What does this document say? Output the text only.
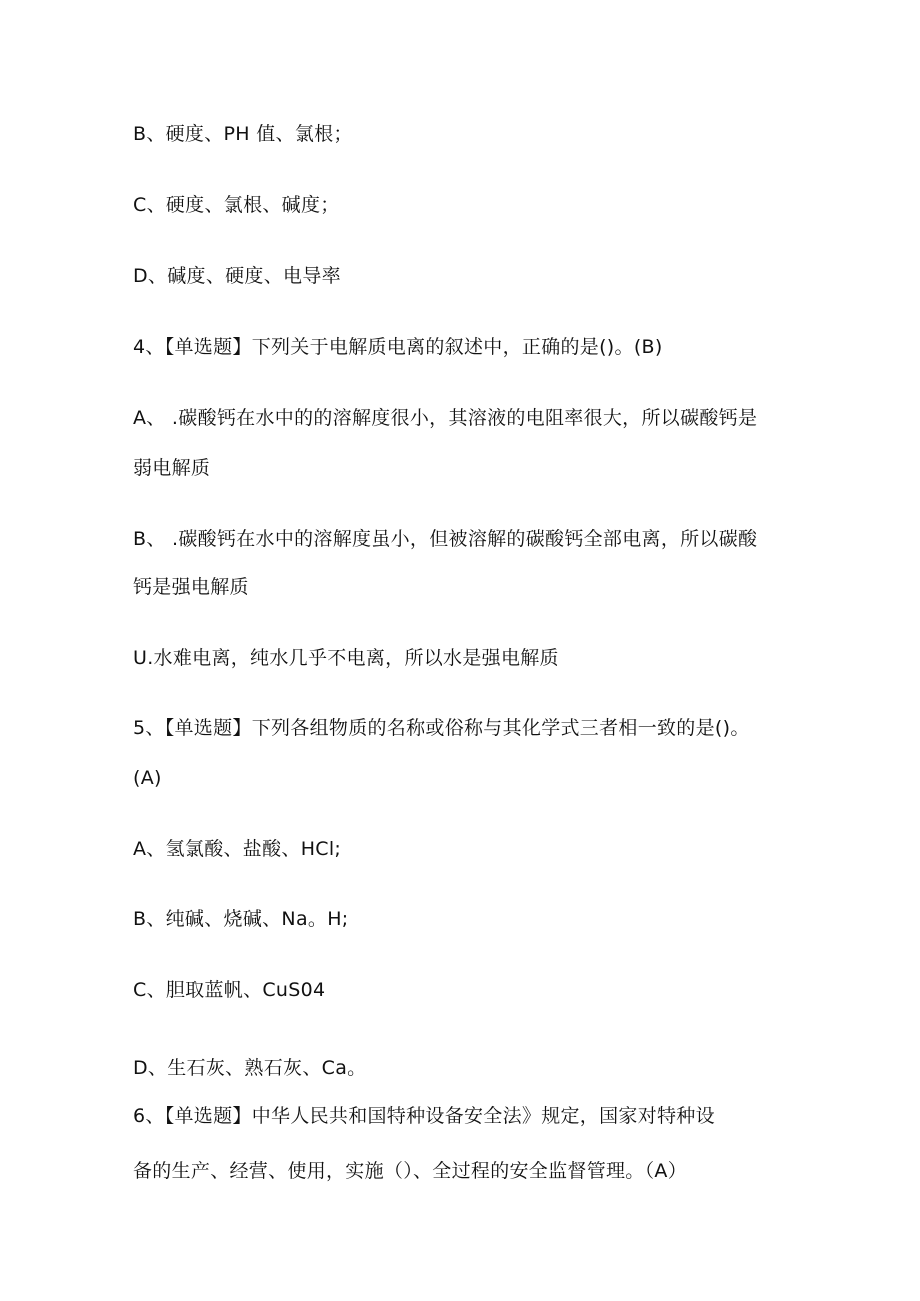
B、硬度、PH 值、氯根；
C、硬度、氯根、碱度；
D、碱度、硬度、电导率
4、【单选题】下列关于电解质电离的叙述中，正确的是()。(B)
A、 .碳酸钙在水中的的溶解度很小，其溶液的电阻率很大，所以碳酸钙是
弱电解质
B、 .碳酸钙在水中的溶解度虽小，但被溶解的碳酸钙全部电离，所以碳酸
钙是强电解质
U.水难电离，纯水几乎不电离，所以水是强电解质
5、【单选题】下列各组物质的名称或俗称与其化学式三者相一致的是()。
(A)
A、氢氯酸、盐酸、HCl;
B、纯碱、烧碱、Na。H;
C、胆取蓝帆、CuS04
D、生石灰、熟石灰、Ca。
6、【单选题】中华人民共和国特种设备安全法》规定，国家对特种设
备的生产、经营、使用，实施（）、全过程的安全监督管理。（A）
